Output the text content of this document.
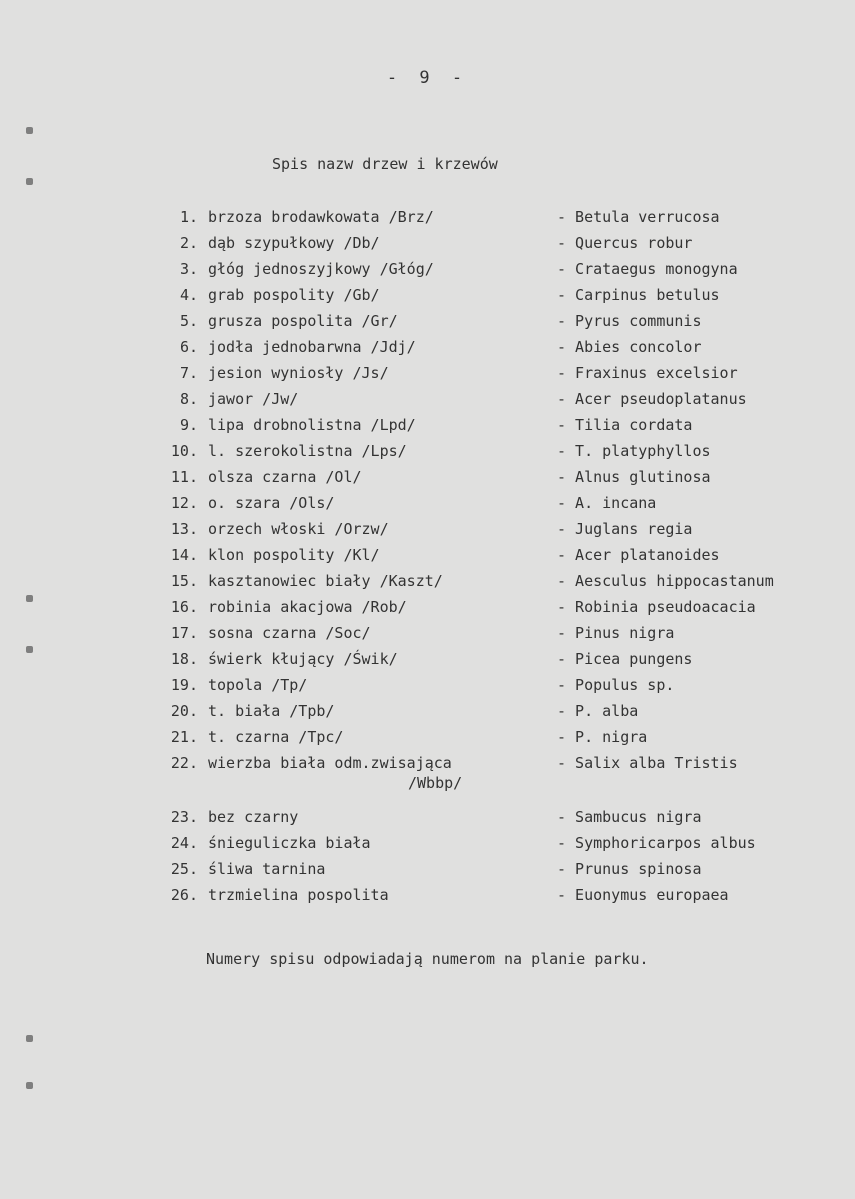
- 9 -
Spis nazw drzew i krzewów
1. brzoza brodawkowata /Brz/	- Betula verrucosa
2. dąb szypułkowy /Db/	- Quercus robur
3. głóg jednoszyjkowy /Głóg/	- Crataegus monogyna
4. grab pospolity /Gb/	- Carpinus betulus
5. grusza pospolita /Gr/	- Pyrus communis
6. jodła jednobarwna /Jdj/	- Abies concolor
7. jesion wyniosły /Js/	- Fraxinus excelsior
8. jawor /Jw/	- Acer pseudoplatanus
9. lipa drobnolistna /Lpd/	- Tilia cordata
10. l. szerokolistna /Lps/	- T. platyphyllos
11. olsza czarna /Ol/	- Alnus glutinosa
12. o. szara /Ols/	- A. incana
13. orzech włoski /Orzw/	- Juglans regia
14. klon pospolity /Kl/	- Acer platanoides
15. kasztanowiec biały /Kaszt/	- Aesculus hippocastanum
16. robinia akacjowa /Rob/	- Robinia pseudoacacia
17. sosna czarna /Soc/	- Pinus nigra
18. świerk kłujący /Świk/	- Picea pungens
19. topola /Tp/	- Populus sp.
20. t. biała /Tpb/	- P. alba
21. t. czarna /Tpc/	- P. nigra
22. wierzba biała odm.zwisająca	- Salix alba Tristis
/Wbbp/
23. bez czarny	- Sambucus nigra
24. śnieguliczka biała	- Symphoricarpos albus
25. śliwa tarnina	- Prunus spinosa
26. trzmielina pospolita	- Euonymus europaea
Numery spisu odpowiadają numerom na planie parku.
